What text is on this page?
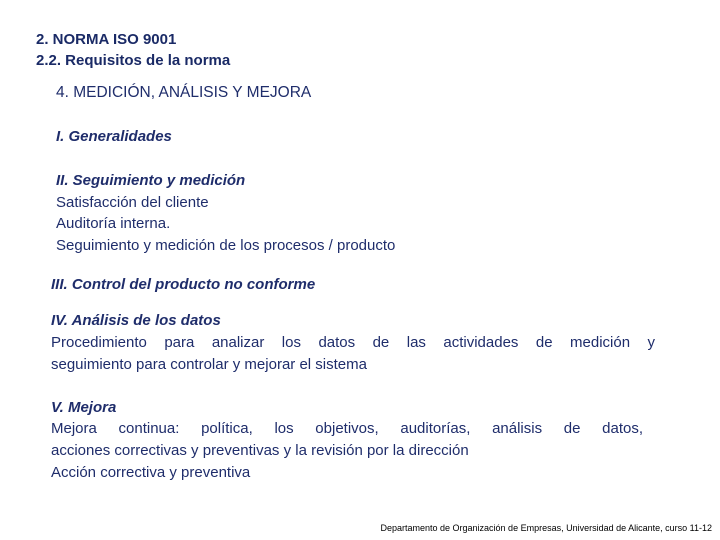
2. NORMA ISO 9001
2.2. Requisitos de la norma
4. MEDICIÓN, ANÁLISIS Y MEJORA
I. Generalidades
II. Seguimiento y medición
Satisfacción del cliente
Auditoría interna.
Seguimiento y medición de los procesos / producto
III. Control del producto no conforme
IV. Análisis de los datos
Procedimiento para analizar los datos de las actividades de medición y
seguimiento para controlar y mejorar el sistema
V. Mejora
Mejora continua: política, los objetivos, auditorías, análisis de datos,
acciones correctivas y preventivas y la revisión por la dirección
Acción correctiva y preventiva
Departamento de Organización de Empresas, Universidad de Alicante, curso 11-12
